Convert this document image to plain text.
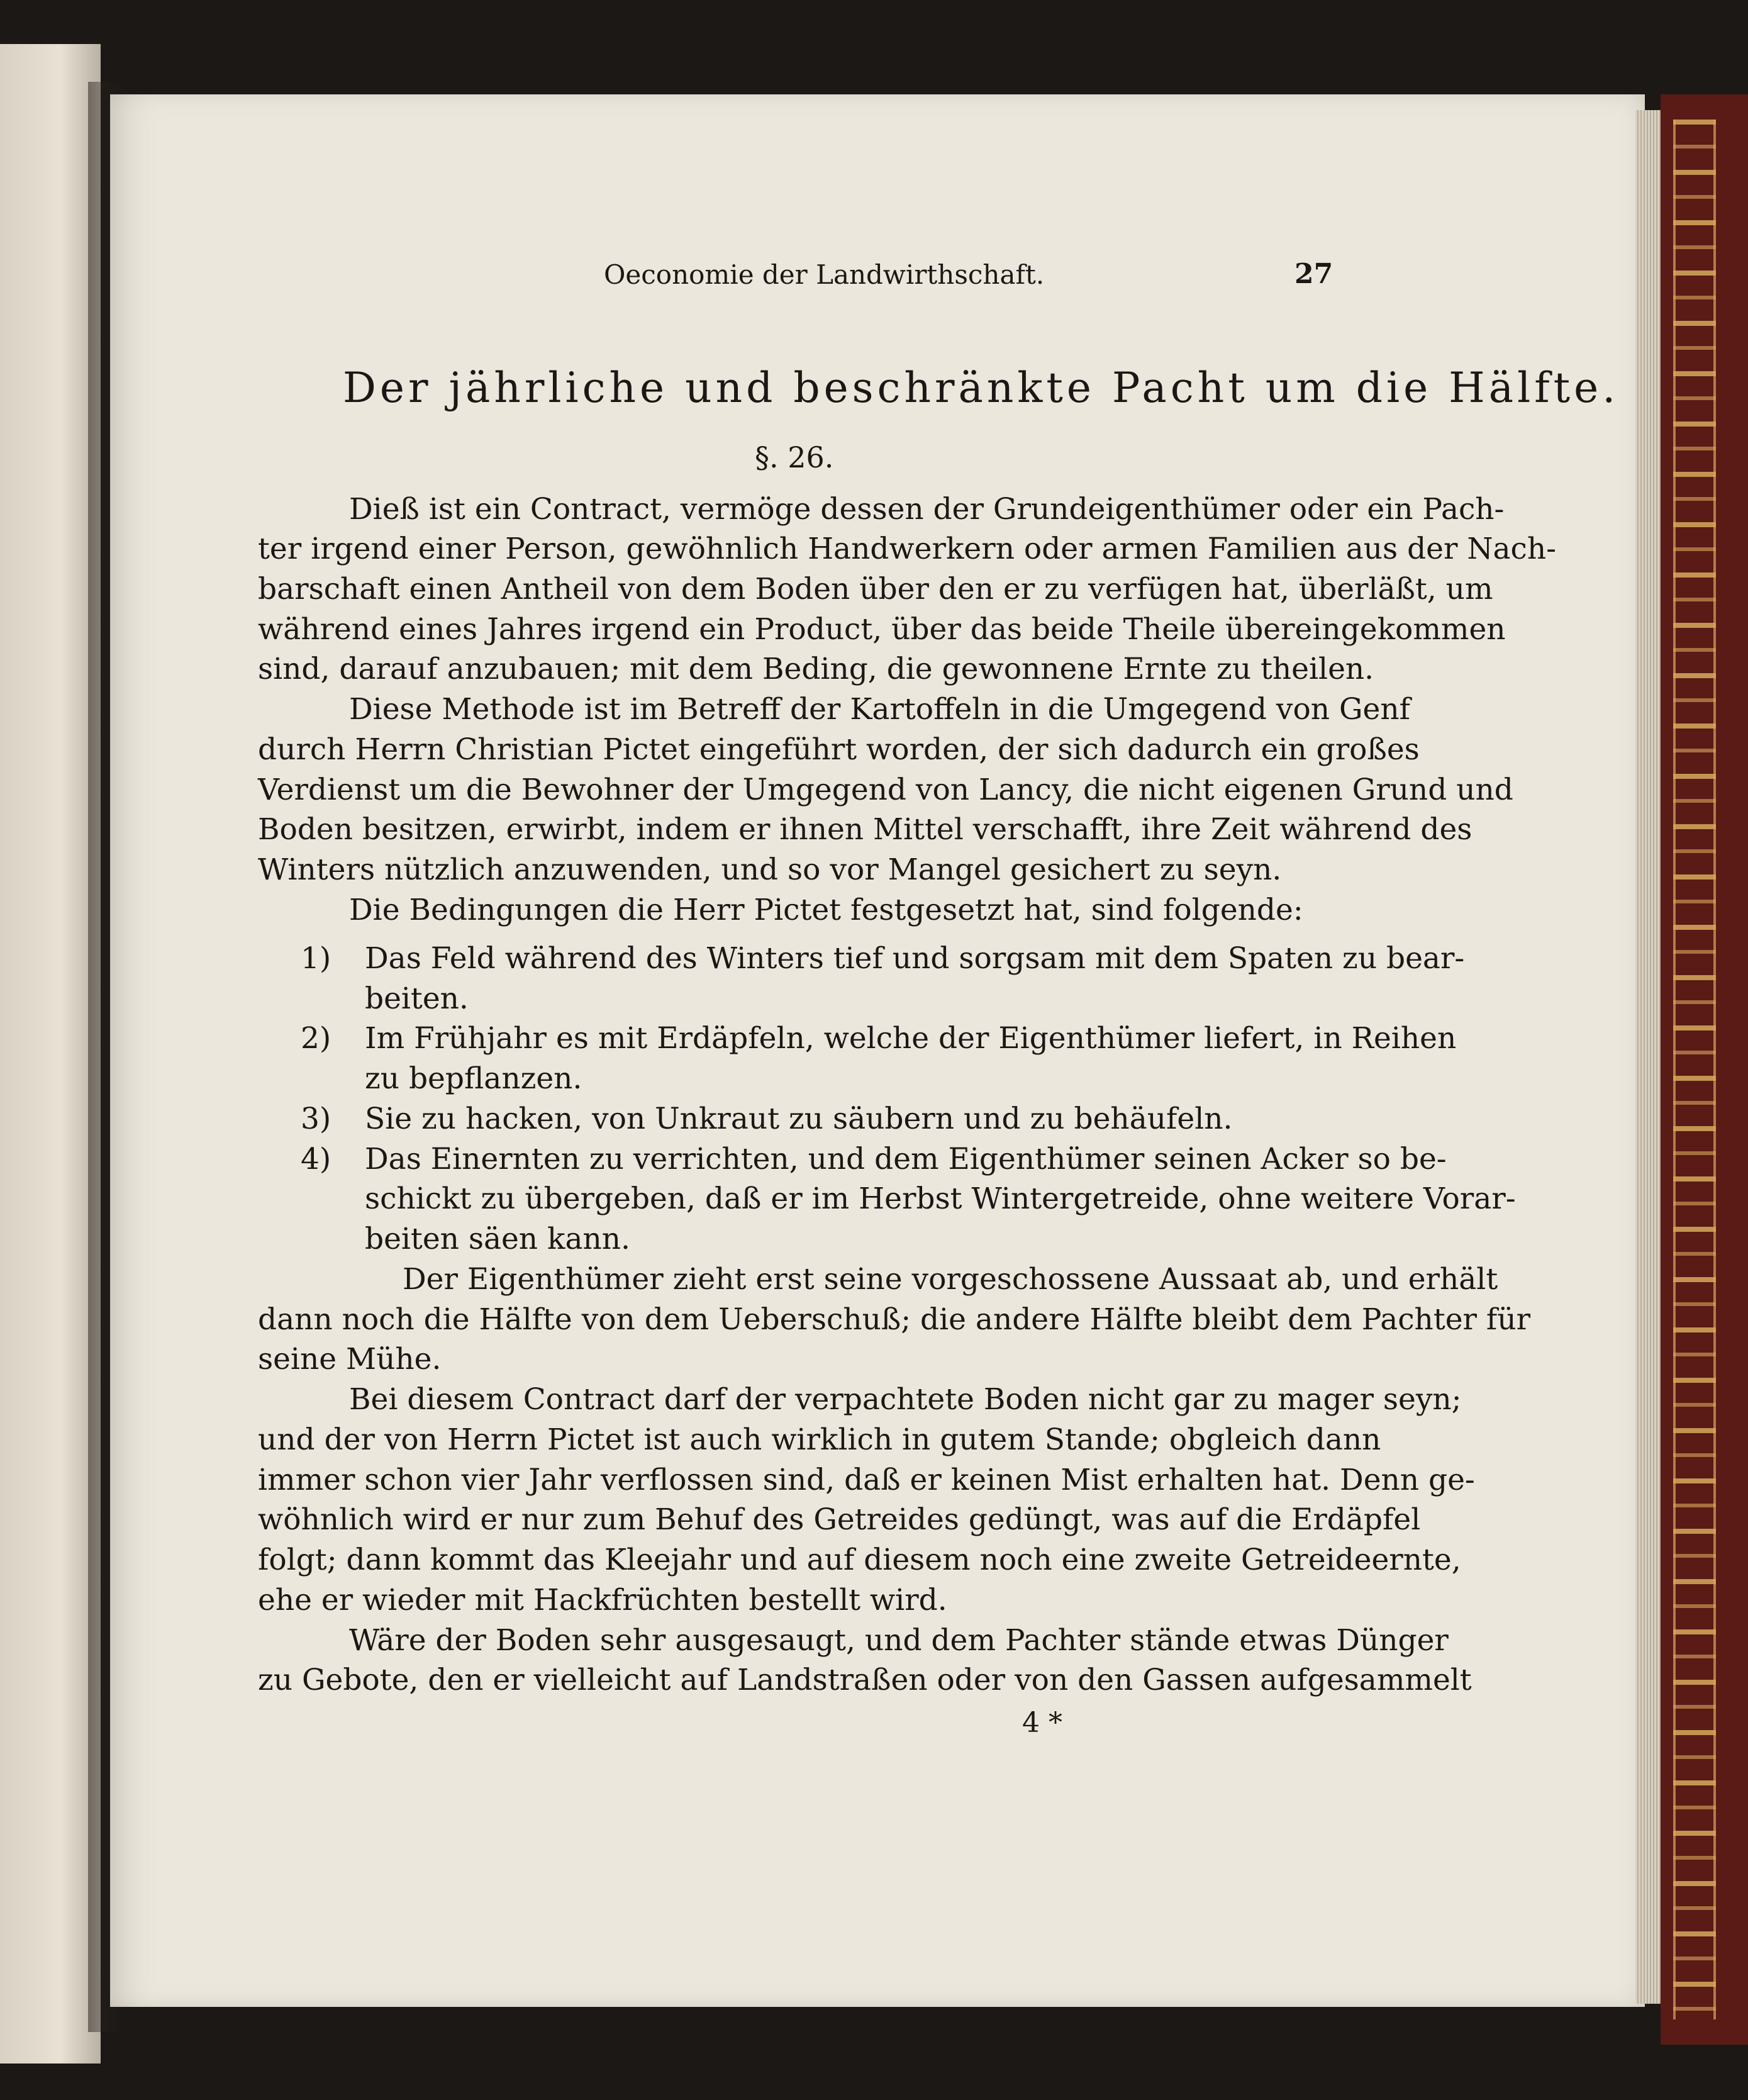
Oeconomie der Landwirthschaft.	27
Der jährliche und beschränkte Pacht um die Hälfte.
§. 26.
Dieß ist ein Contract, vermöge dessen der Grundeigenthümer oder ein Pach-
ter irgend einer Person, gewöhnlich Handwerkern oder armen Familien aus der Nach-
barschaft einen Antheil von dem Boden über den er zu verfügen hat, überläßt, um
während eines Jahres irgend ein Product, über das beide Theile übereingekommen
sind, darauf anzubauen; mit dem Beding, die gewonnene Ernte zu theilen.
Diese Methode ist im Betreff der Kartoffeln in die Umgegend von Genf
durch Herrn Christian Pictet eingeführt worden, der sich dadurch ein großes
Verdienst um die Bewohner der Umgegend von Lancy, die nicht eigenen Grund und
Boden besitzen, erwirbt, indem er ihnen Mittel verschafft, ihre Zeit während des
Winters nützlich anzuwenden, und so vor Mangel gesichert zu seyn.
Die Bedingungen die Herr Pictet festgesetzt hat, sind folgende:
1) Das Feld während des Winters tief und sorgsam mit dem Spaten zu bear-
beiten.
2) Im Frühjahr es mit Erdäpfeln, welche der Eigenthümer liefert, in Reihen
zu bepflanzen.
3) Sie zu hacken, von Unkraut zu säubern und zu behäufeln.
4) Das Einernten zu verrichten, und dem Eigenthümer seinen Acker so be-
schickt zu übergeben, daß er im Herbst Wintergetreide, ohne weitere Vorar-
beiten säen kann.
Der Eigenthümer zieht erst seine vorgeschossene Aussaat ab, und erhält
dann noch die Hälfte von dem Ueberschuß; die andere Hälfte bleibt dem Pachter für
seine Mühe.
Bei diesem Contract darf der verpachtete Boden nicht gar zu mager seyn;
und der von Herrn Pictet ist auch wirklich in gutem Stande; obgleich dann
immer schon vier Jahr verflossen sind, daß er keinen Mist erhalten hat. Denn ge-
wöhnlich wird er nur zum Behuf des Getreides gedüngt, was auf die Erdäpfel
folgt; dann kommt das Kleejahr und auf diesem noch eine zweite Getreideernte,
ehe er wieder mit Hackfrüchten bestellt wird.
Wäre der Boden sehr ausgesaugt, und dem Pachter stände etwas Dünger
zu Gebote, den er vielleicht auf Landstraßen oder von den Gassen aufgesammelt
4 *
